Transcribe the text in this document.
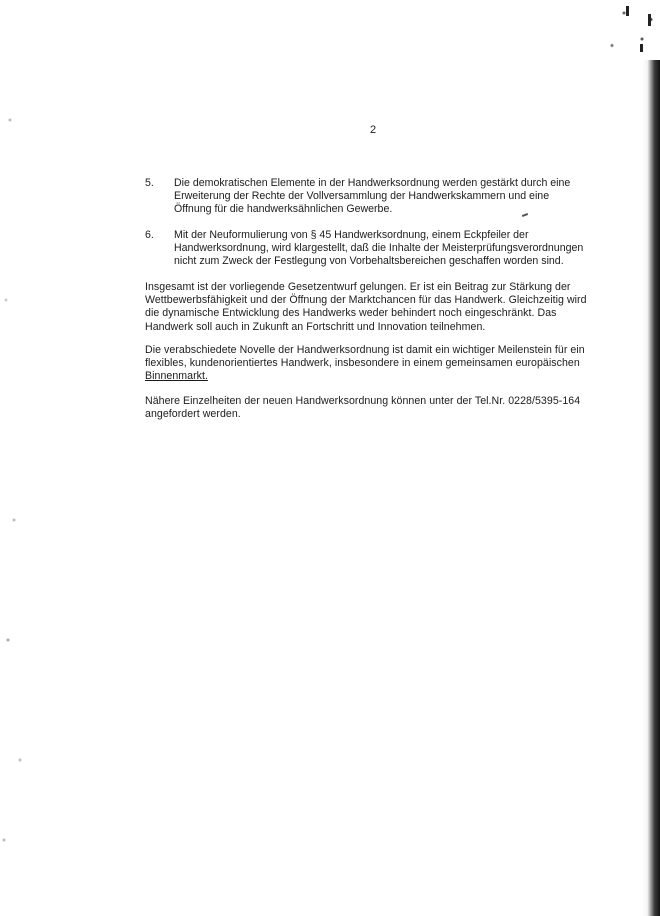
2
5.	Die demokratischen Elemente in der Handwerksordnung werden gestärkt durch eine
Erweiterung der Rechte der Vollversammlung der Handwerkskammern und eine
Öffnung für die handwerksähnlichen Gewerbe.
6.	Mit der Neuformulierung von § 45 Handwerksordnung, einem Eckpfeiler der
Handwerksordnung, wird klargestellt, daß die Inhalte der Meisterprüfungsverordnungen
nicht zum Zweck der Festlegung von Vorbehaltsbereichen geschaffen worden sind.
Insgesamt ist der vorliegende Gesetzentwurf gelungen. Er ist ein Beitrag zur Stärkung der
Wettbewerbsfähigkeit und der Öffnung der Marktchancen für das Handwerk. Gleichzeitig wird
die dynamische Entwicklung des Handwerks weder behindert noch eingeschränkt. Das
Handwerk soll auch in Zukunft an Fortschritt und Innovation teilnehmen.
Die verabschiedete Novelle der Handwerksordnung ist damit ein wichtiger Meilenstein für ein
flexibles, kundenorientiertes Handwerk, insbesondere in einem gemeinsamen europäischen
Binnenmarkt.
Nähere Einzelheiten der neuen Handwerksordnung können unter der Tel.Nr. 0228/5395-164
angefordert werden.
